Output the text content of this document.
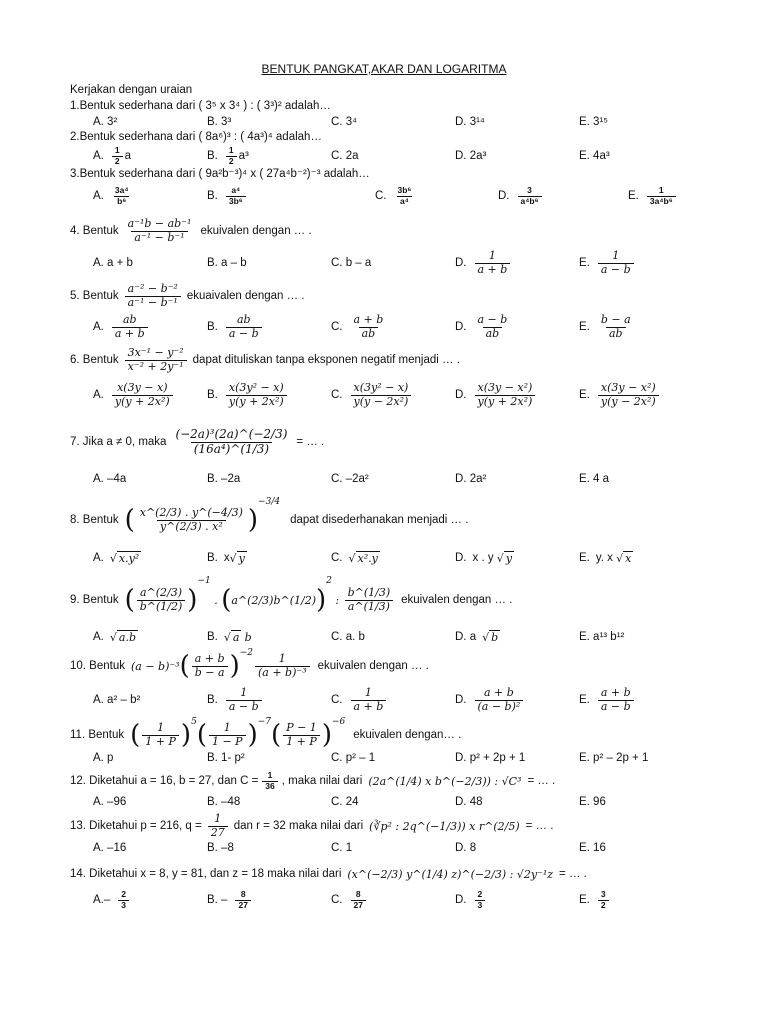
BENTUK PANGKAT,AKAR DAN LOGARITMA
Kerjakan dengan uraian
1.Bentuk sederhana dari ( 3⁵ x 3⁴ ) : ( 3³)² adalah…
A. 3²	B. 3³	C. 3⁴	D. 3¹⁴	E. 3¹⁵
2.Bentuk sederhana dari ( 8a⁶)³ : ( 4a³)⁴ adalah…
A. $\frac{1}{2}$ a	B. $\frac{1}{2} a^3$	C. 2a	D. 2a³	E. 4a³
3.Bentuk sederhana dari ( 9a²b⁻³)⁴ x ( 27a⁴b⁻²)⁻³ adalah…
A. $\frac{\text{3a⁴}}{\text{b⁶}}$	B. $\frac{\text{a⁴}}{\text{3b⁶}}$	C. $\frac{\text{3b⁶}}{\text{a⁴}}$	D. $\frac{3}{\text{a⁴b⁶}}$	E. $\frac{1}{\text{3a⁴b⁶}}$
4. Bentuk $\frac{\text{a⁻¹b − ab⁻¹}}{\text{a⁻¹ − b⁻¹}}$ ekuivalen dengan … .
A. a + b	B. a – b	C. b – a	D. $\frac{1}{a + b}$	E. $\frac{1}{a - b}$
5. Bentuk $\frac{\text{a⁻² − b⁻²}}{\text{a⁻¹ − b⁻¹}}$ ekuaivalen dengan … .
A. $\frac{ab}{a + b}$	B. $\frac{ab}{a - b}$	C. $\frac{a + b}{ab}$	D. $\frac{a - b}{ab}$	E. $\frac{b - a}{ab}$
6. Bentuk $\frac{\text{3x⁻¹ − y⁻²}}{\text{x⁻² + 2y⁻¹}}$ dapat dituliskan tanpa eksponen negatif menjadi … .
A. $\frac{x(3y - x)}{\text{y(y + 2x²)}}$	B. $\frac{\text{x(3y² − x)}}{\text{y(y + 2x²)}}$	C. $\frac{\text{x(3y² − x)}}{\text{y(y − 2x²)}}$	D. $\frac{\text{x(3y − x²)}}{\text{y(y + 2x²)}}$	E. $\frac{\text{x(3y − x²)}}{\text{y(y − 2x²)}}$
7. Jika a ≠ 0, maka $\frac{\text{(−2a)³(2a)\textasciicircum{}(−2/3)}}{\text{(16a⁴)\textasciicircum{}(1/3)}}$ = … .
A. –4a	B. –2a	C. –2a²	D. 2a²	E. 4 a
8. Bentuk ( $\frac{x\^{}(2/3) . y\^{}(-4/3)}{\text{y\textasciicircum{}(2/3) . x²}}$ )
−3/4
dapat disederhanakan menjadi … .
A. √ x.y²	B. x √ y	C. √ x².y	D. x . y
√ y	E. y. x
√ x
9. Bentuk ( $\frac{a\^{}(2/3)}{b\^{}(1/2)}$ )
−1
. ( a^(2/3)b^(1/2) )
2
: $\frac{b\^{}(1/3)}{a\^{}(1/3)}$ ekuivalen dengan … .
A. √ a.b	B. √ a
b	C. a. b	D. a √ b	E. a¹³ b¹²
10. Bentuk (a − b)⁻³ ( $\frac{a + b}{b - a} )^{-2} \frac{1}{\text{(a + b)⁻³}}$ ekuivalen dengan … .
A. a² – b²	B. $\frac{1}{a - b}$	C. $\frac{1}{a + b}$	D. $\frac{a + b}{\text{(a − b)²}}$	E. $\frac{a + b}{a - b}$
11. Bentuk ( $\frac{1}{1 + P} )^5$ ( $\frac{1}{1 - P} )^{-7}$ ( $\frac{P - 1}{1 + P} )^{-6}$
ekuivalen dengan… .
A. p	B. 1- p²	C. p² – 1	D. p² + 2p + 1	E. p² – 2p + 1
12. Diketahui a = 16, b = 27, dan $C = \frac{1}{36}$ , maka nilai dari (2a^(1/4) x b^(−2/3)) : √C³ = … .
A. –96	B. –48	C. 24	D. 48	E. 96
13. Diketahui p = 216, $q = \frac{1}{27}$ dan r = 32 maka nilai dari (∛p² : 2q^(−1/3)) x r^(2/5) = … .
A. –16	B. –8	C. 1	D. 8	E. 16
14. Diketahui x = 8, y = 81, dan z = 18 maka nilai dari (x^(−2/3) y^(1/4) z)^(−2/3) : √2y⁻¹z = … .
$A.- \frac{2}{3}$	B. – $\frac{8}{27}$	C. $\frac{8}{27}$	D. $\frac{2}{3}$	E. $\frac{3}{2}$
